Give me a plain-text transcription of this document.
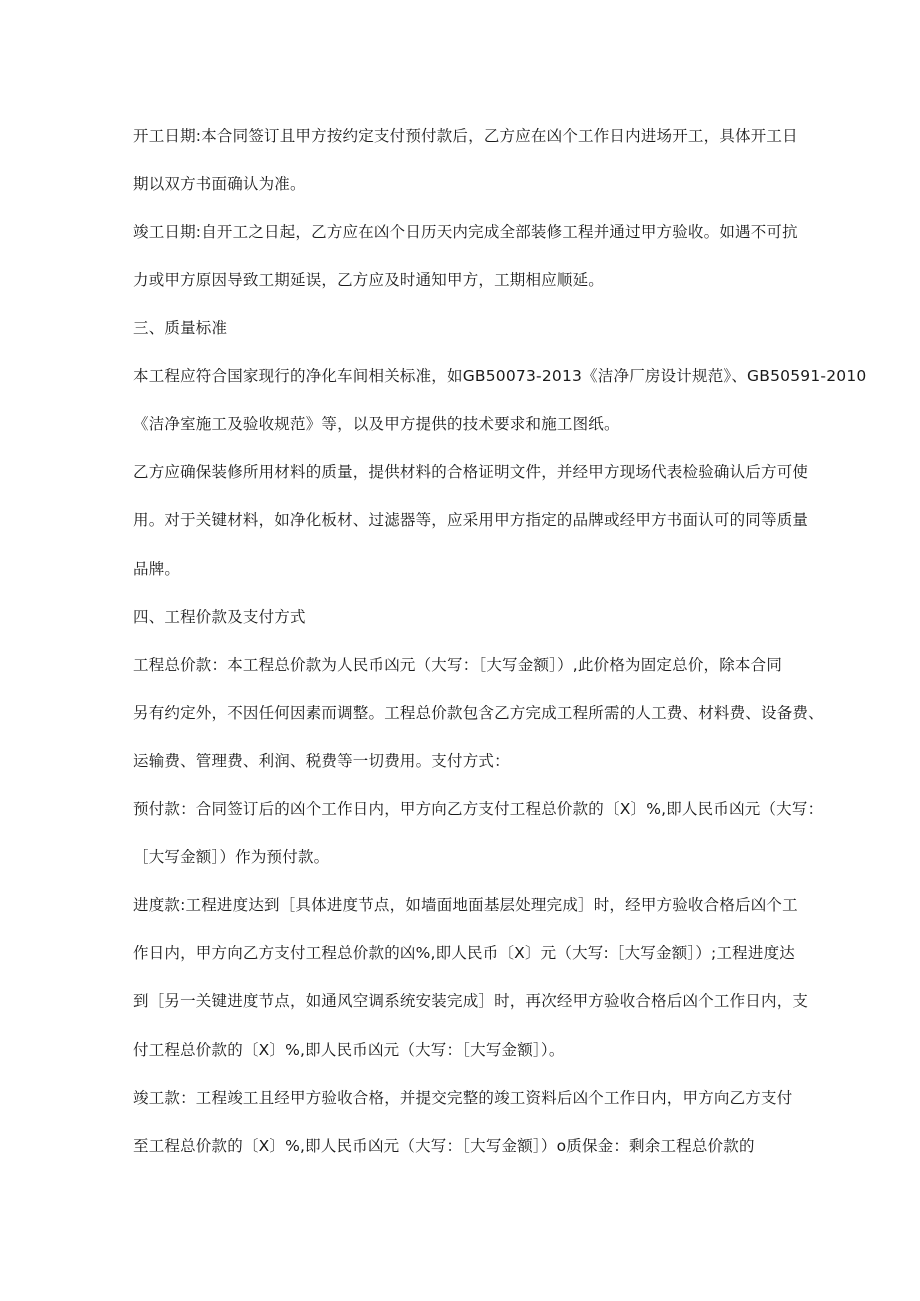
开工日期:本合同签订且甲方按约定支付预付款后，乙方应在凶个工作日内进场开工，具体开工日

期以双方书面确认为准。

竣工日期:自开工之日起，乙方应在凶个日历天内完成全部装修工程并通过甲方验收。如遇不可抗

力或甲方原因导致工期延误，乙方应及时通知甲方，工期相应顺延。

三、质量标准

本工程应符合国家现行的净化车间相关标准，如GB50073-2013《洁净厂房设计规范》、GB50591-2010

《洁净室施工及验收规范》等，以及甲方提供的技术要求和施工图纸。

乙方应确保装修所用材料的质量，提供材料的合格证明文件，并经甲方现场代表检验确认后方可使

用。对于关键材料，如净化板材、过滤器等，应采用甲方指定的品牌或经甲方书面认可的同等质量

品牌。

四、工程价款及支付方式

工程总价款：本工程总价款为人民币凶元（大写：［大写金额］）,此价格为固定总价，除本合同

另有约定外，不因任何因素而调整。工程总价款包含乙方完成工程所需的人工费、材料费、设备费、

运输费、管理费、利润、税费等一切费用。支付方式：

预付款：合同签订后的凶个工作日内，甲方向乙方支付工程总价款的〔X〕%,即人民币凶元（大写：

［大写金额］）作为预付款。

进度款:工程进度达到［具体进度节点，如墙面地面基层处理完成］时，经甲方验收合格后凶个工

作日内，甲方向乙方支付工程总价款的凶%,即人民币〔X〕元（大写:［大写金额］）;工程进度达

到［另一关键进度节点，如通风空调系统安装完成］时，再次经甲方验收合格后凶个工作日内，支

付工程总价款的〔X〕%,即人民币凶元（大写：［大写金额］）。

竣工款：工程竣工且经甲方验收合格，并提交完整的竣工资料后凶个工作日内，甲方向乙方支付

至工程总价款的〔X〕%,即人民币凶元（大写：［大写金额］）o质保金：剩余工程总价款的
